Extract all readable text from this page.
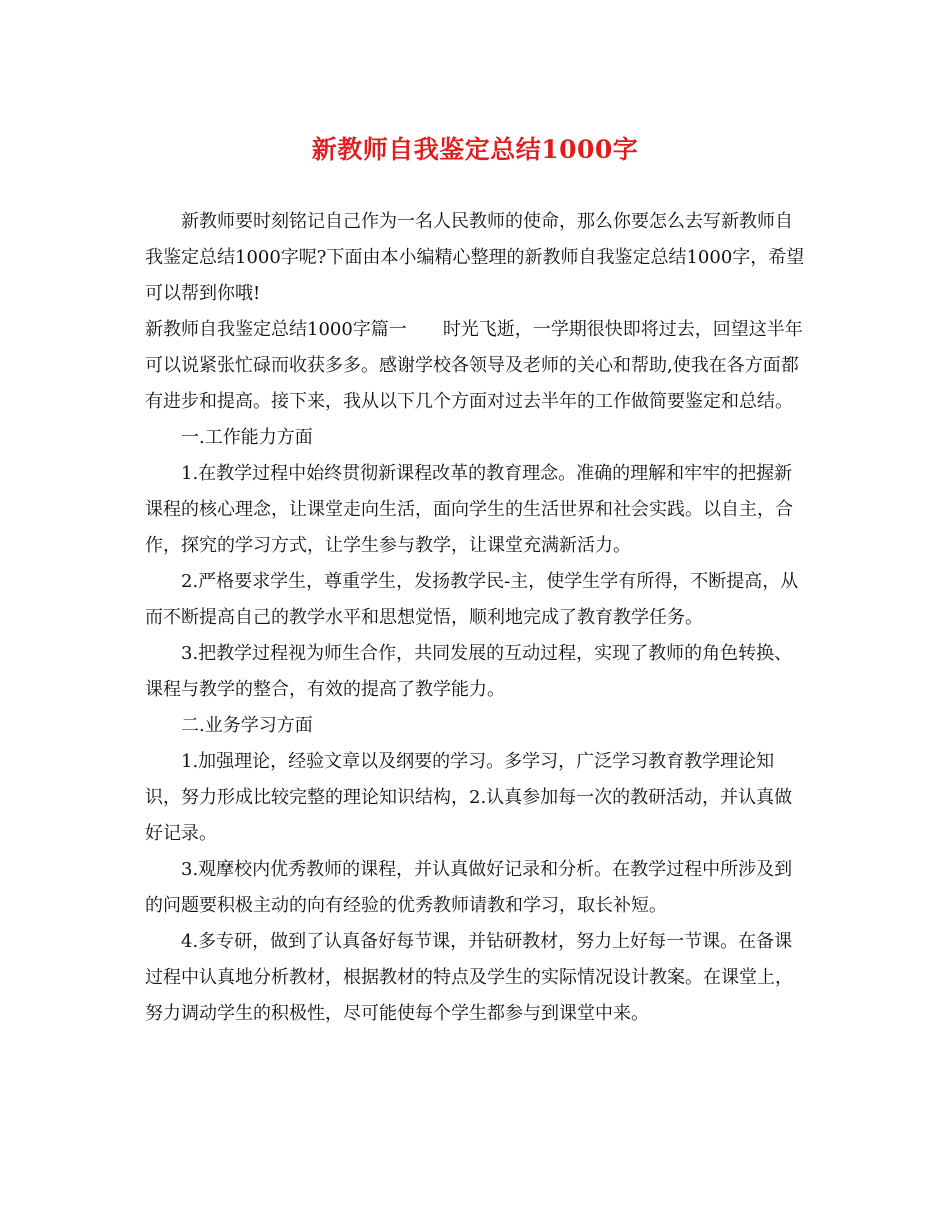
新教师自我鉴定总结1000字

新教师要时刻铭记自己作为一名人民教师的使命，那么你要怎么去写新教师自我鉴定总结1000字呢?下面由本小编精心整理的新教师自我鉴定总结1000字，希望可以帮到你哦!

新教师自我鉴定总结1000字篇一 时光飞逝，一学期很快即将过去，回望这半年可以说紧张忙碌而收获多多。感谢学校各领导及老师的关心和帮助,使我在各方面都有进步和提高。接下来，我从以下几个方面对过去半年的工作做简要鉴定和总结。

一.工作能力方面

1.在教学过程中始终贯彻新课程改革的教育理念。准确的理解和牢牢的把握新课程的核心理念，让课堂走向生活，面向学生的生活世界和社会实践。以自主，合作，探究的学习方式，让学生参与教学，让课堂充满新活力。

2.严格要求学生，尊重学生，发扬教学民-主，使学生学有所得，不断提高，从而不断提高自己的教学水平和思想觉悟，顺利地完成了教育教学任务。

3.把教学过程视为师生合作，共同发展的互动过程，实现了教师的角色转换、课程与教学的整合，有效的提高了教学能力。

二.业务学习方面

1.加强理论，经验文章以及纲要的学习。多学习，广泛学习教育教学理论知识，努力形成比较完整的理论知识结构，2.认真参加每一次的教研活动，并认真做好记录。

3.观摩校内优秀教师的课程，并认真做好记录和分析。在教学过程中所涉及到的问题要积极主动的向有经验的优秀教师请教和学习，取长补短。

4.多专研，做到了认真备好每节课，并钻研教材，努力上好每一节课。在备课过程中认真地分析教材，根据教材的特点及学生的实际情况设计教案。在课堂上，努力调动学生的积极性，尽可能使每个学生都参与到课堂中来。
